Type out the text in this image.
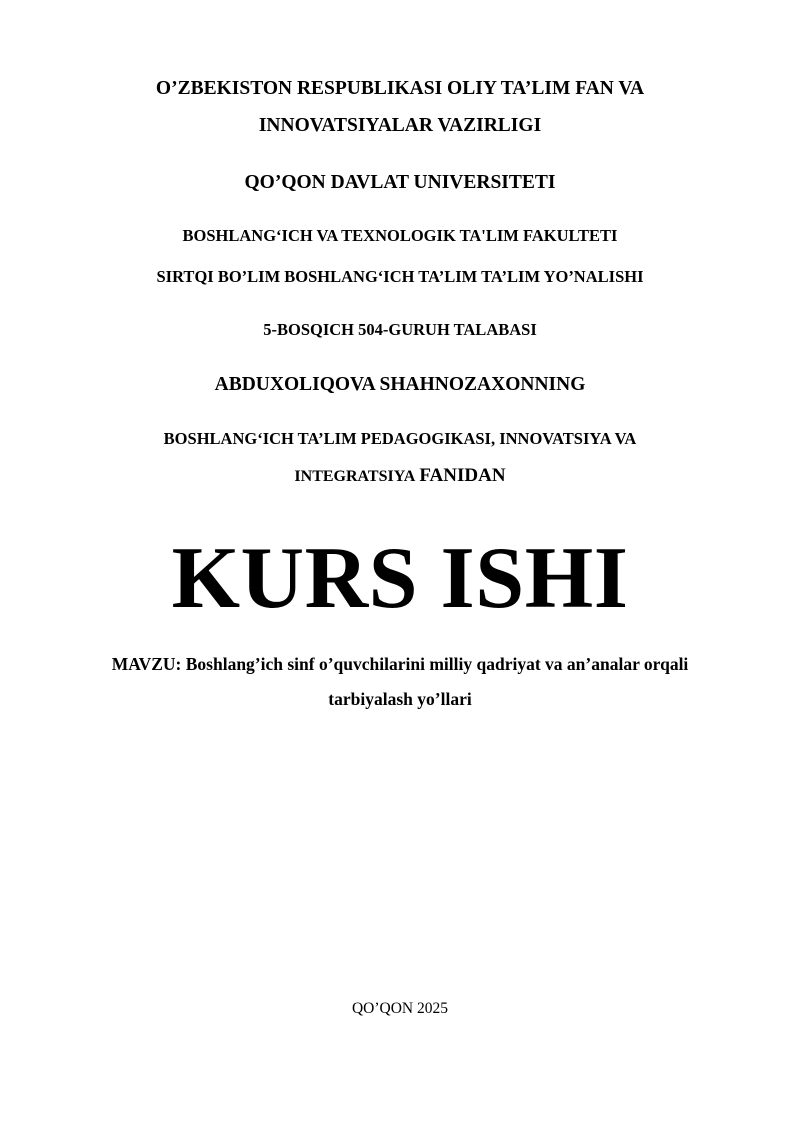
O’ZBEKISTON RESPUBLIKASI OLIY TA’LIM FAN VA
INNOVATSIYALAR VAZIRLIGI
QO’QON DAVLAT UNIVERSITETI
BOSHLANG‘ICH VA TEXNOLOGIK TA'LIM FAKULTETI
SIRTQI BO’LIM BOSHLANG‘ICH TA’LIM TA’LIM YO’NALISHI
5-BOSQICH 504-GURUH TALABASI
ABDUXOLIQOVA SHAHNOZAXONNING
BOSHLANG‘ICH TA’LIM PEDAGOGIKASI, INNOVATSIYA VA
INTEGRATSIYA FANIDAN
KURS ISHI
MAVZU: Boshlang’ich sinf o’quvchilarini milliy qadriyat va an’analar orqali
tarbiyalash yo’llari
QO’QON 2025
